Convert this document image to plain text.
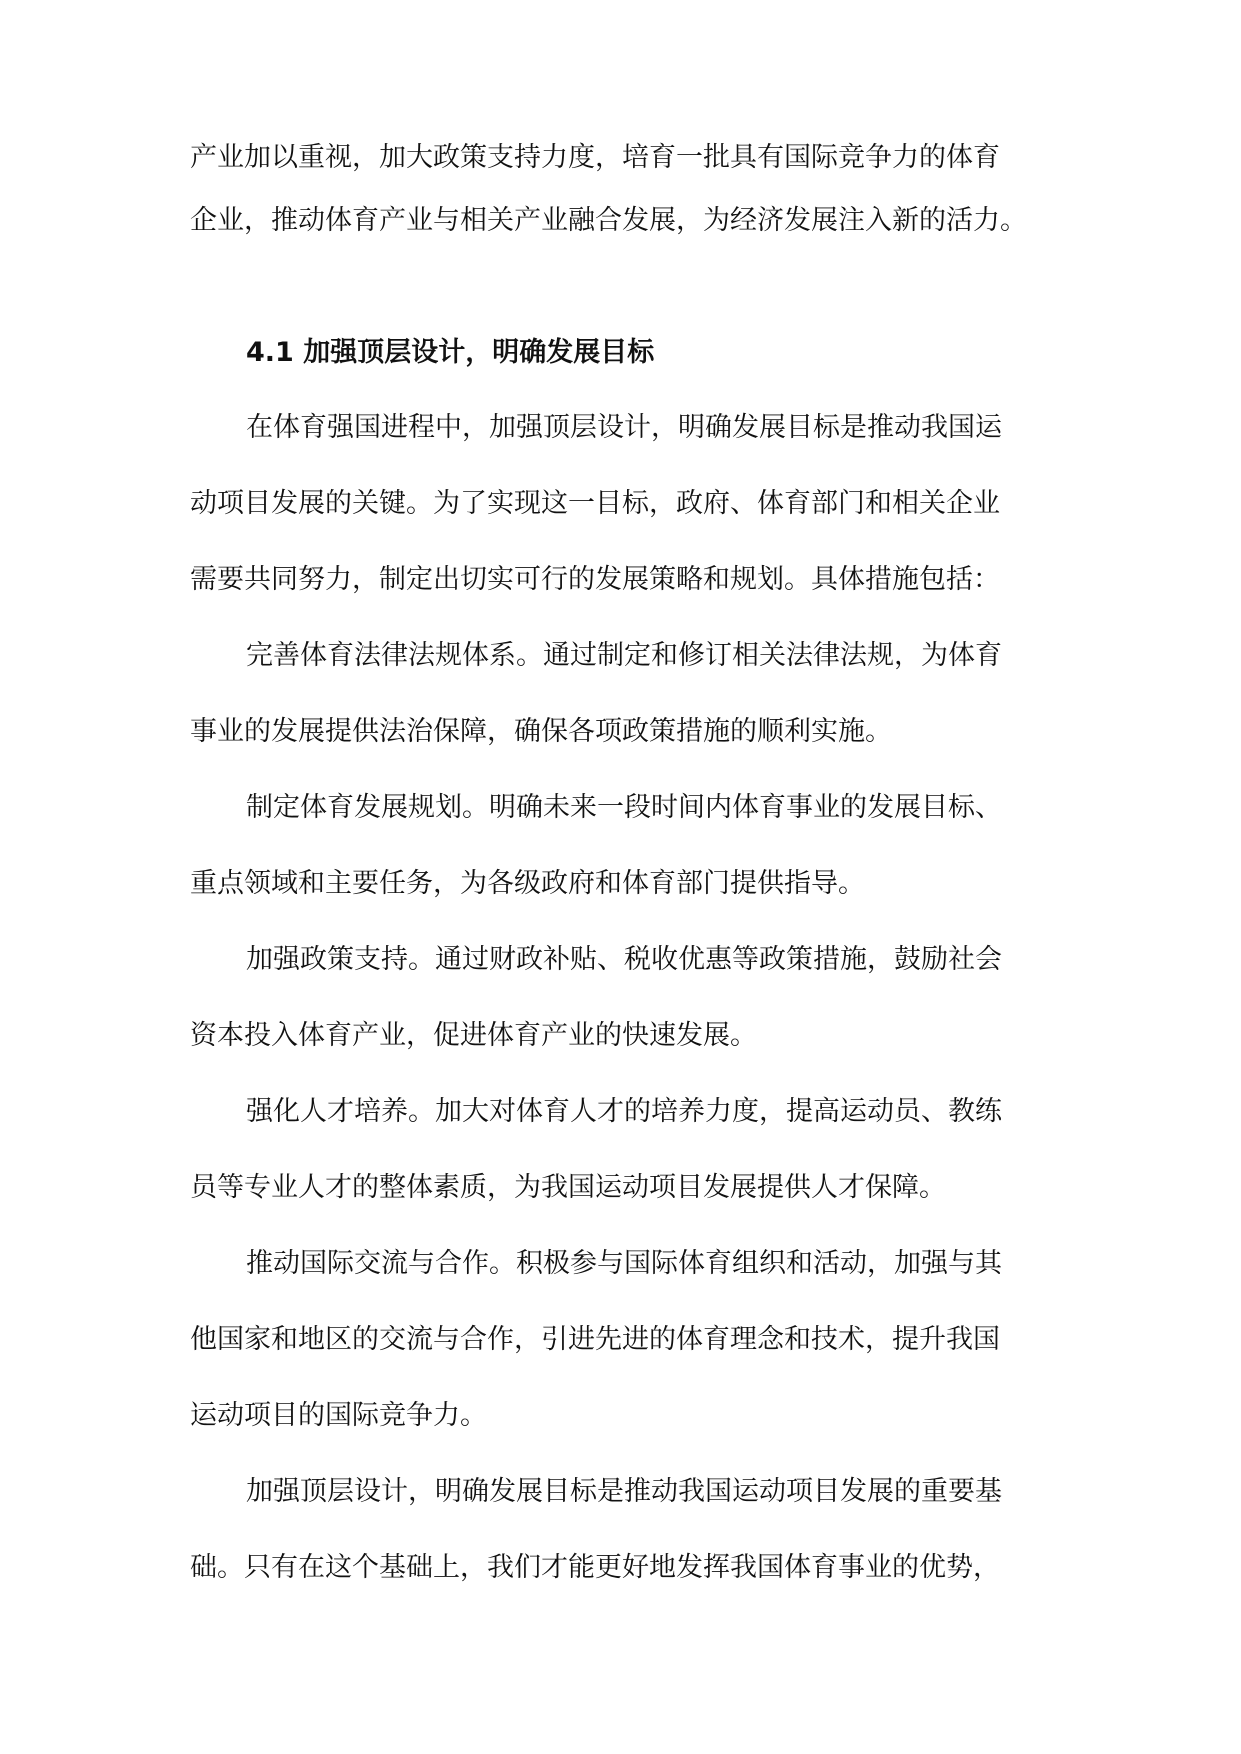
产业加以重视，加大政策支持力度，培育一批具有国际竞争力的体育
企业，推动体育产业与相关产业融合发展，为经济发展注入新的活力。
4.1 加强顶层设计，明确发展目标
在体育强国进程中，加强顶层设计，明确发展目标是推动我国运
动项目发展的关键。为了实现这一目标，政府、体育部门和相关企业
需要共同努力，制定出切实可行的发展策略和规划。具体措施包括：
完善体育法律法规体系。通过制定和修订相关法律法规，为体育
事业的发展提供法治保障，确保各项政策措施的顺利实施。
制定体育发展规划。明确未来一段时间内体育事业的发展目标、
重点领域和主要任务，为各级政府和体育部门提供指导。
加强政策支持。通过财政补贴、税收优惠等政策措施，鼓励社会
资本投入体育产业，促进体育产业的快速发展。
强化人才培养。加大对体育人才的培养力度，提高运动员、教练
员等专业人才的整体素质，为我国运动项目发展提供人才保障。
推动国际交流与合作。积极参与国际体育组织和活动，加强与其
他国家和地区的交流与合作，引进先进的体育理念和技术，提升我国
运动项目的国际竞争力。
加强顶层设计，明确发展目标是推动我国运动项目发展的重要基
础。只有在这个基础上，我们才能更好地发挥我国体育事业的优势，
